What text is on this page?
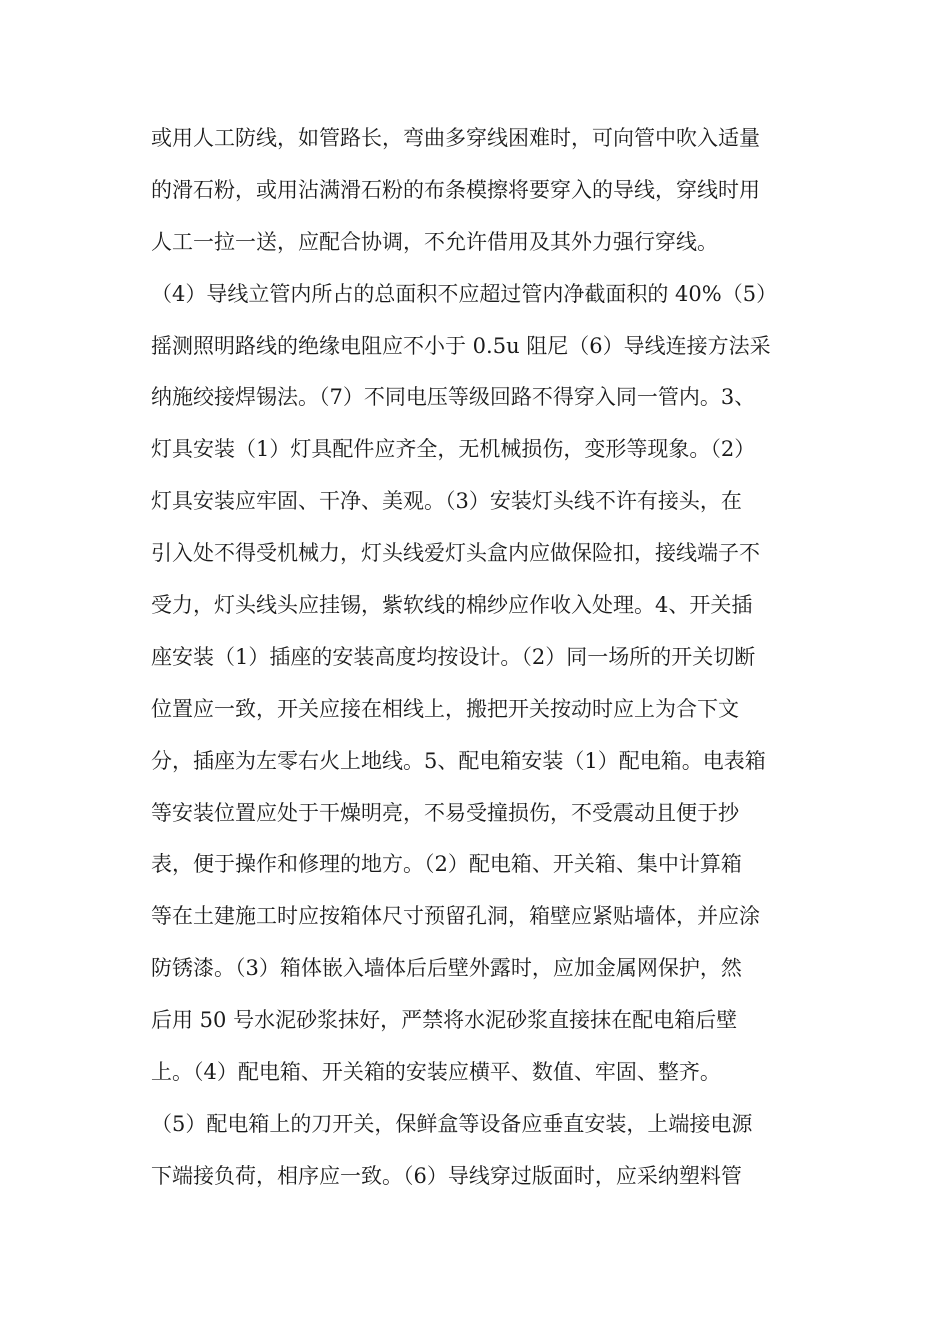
或用人工防线，如管路长，弯曲多穿线困难时，可向管中吹入适量
的滑石粉，或用沾满滑石粉的布条模擦将要穿入的导线，穿线时用
人工一拉一送，应配合协调，不允许借用及其外力强行穿线。
（4）导线立管内所占的总面积不应超过管内净截面积的 40%（5）
摇测照明路线的绝缘电阻应不小于 0.5u 阻尼（6）导线连接方法采
纳施绞接焊锡法。（7）不同电压等级回路不得穿入同一管内。3、
灯具安装（1）灯具配件应齐全，无机械损伤，变形等现象。（2）
灯具安装应牢固、干净、美观。（3）安装灯头线不许有接头，在
引入处不得受机械力，灯头线爱灯头盒内应做保险扣，接线端子不
受力，灯头线头应挂锡，紫软线的棉纱应作收入处理。4、开关插
座安装（1）插座的安装高度均按设计。（2）同一场所的开关切断
位置应一致，开关应接在相线上，搬把开关按动时应上为合下文
分，插座为左零右火上地线。5、配电箱安装（1）配电箱。电表箱
等安装位置应处于干燥明亮，不易受撞损伤，不受震动且便于抄
表，便于操作和修理的地方。（2）配电箱、开关箱、集中计算箱
等在土建施工时应按箱体尺寸预留孔洞，箱壁应紧贴墙体，并应涂
防锈漆。（3）箱体嵌入墙体后后壁外露时，应加金属网保护，然
后用 50 号水泥砂浆抹好，严禁将水泥砂浆直接抹在配电箱后壁
上。（4）配电箱、开关箱的安装应横平、数值、牢固、整齐。
（5）配电箱上的刀开关，保鲜盒等设备应垂直安装，上端接电源
下端接负荷，相序应一致。（6）导线穿过版面时，应采纳塑料管
